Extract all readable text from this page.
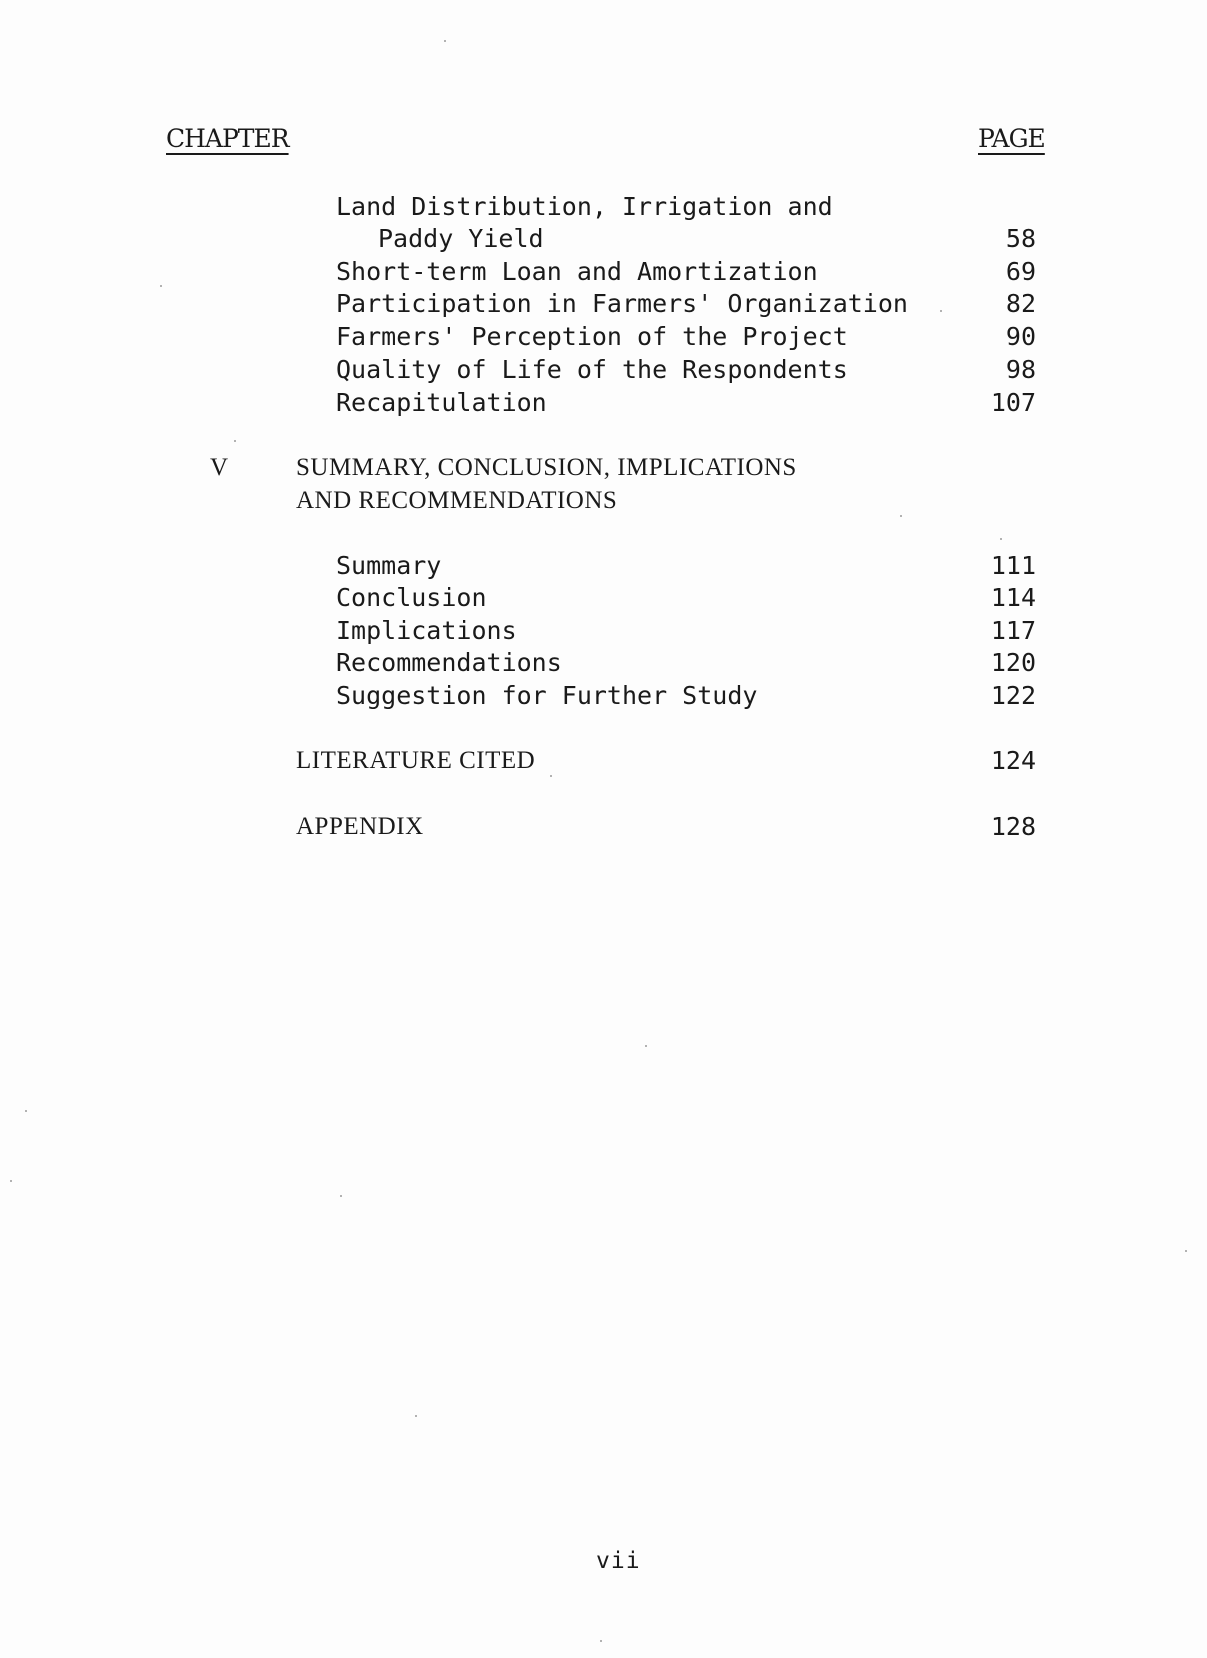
CHAPTER	PAGE
Land Distribution, Irrigation and
Paddy Yield	58
Short-term Loan and Amortization	69
Participation in Farmers' Organization	82
Farmers' Perception of the Project	90
Quality of Life of the Respondents	98
Recapitulation	107
V	SUMMARY, CONCLUSION, IMPLICATIONS
AND RECOMMENDATIONS
Summary	111
Conclusion	114
Implications	117
Recommendations	120
Suggestion for Further Study	122
LITERATURE CITED	124
APPENDIX	128
vii
